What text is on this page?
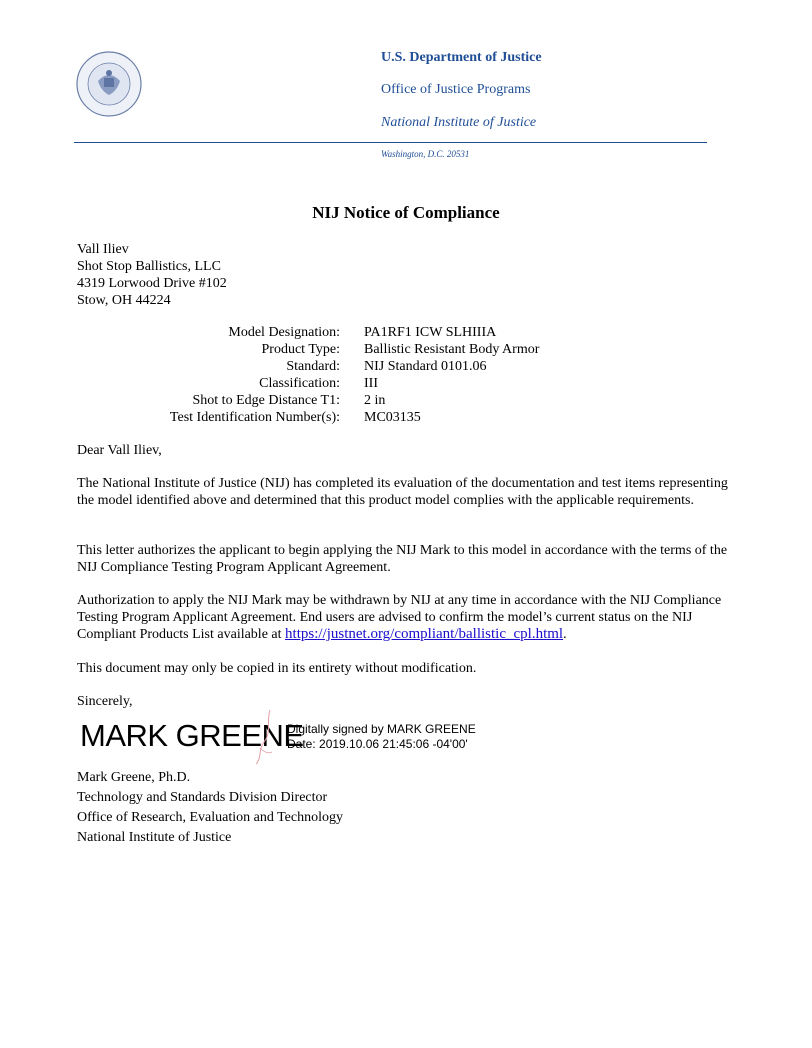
U.S. Department of Justice
Office of Justice Programs
National Institute of Justice
Washington, D.C. 20531
NIJ Notice of Compliance
Vall Iliev
Shot Stop Ballistics, LLC
4319 Lorwood Drive #102
Stow, OH 44224
Model Designation: PA1RF1 ICW SLHIIIA
Product Type: Ballistic Resistant Body Armor
Standard: NIJ Standard 0101.06
Classification: III
Shot to Edge Distance T1: 2 in
Test Identification Number(s): MC03135
Dear Vall Iliev,
The National Institute of Justice (NIJ) has completed its evaluation of the documentation and test items representing the model identified above and determined that this product model complies with the applicable requirements.
This letter authorizes the applicant to begin applying the NIJ Mark to this model in accordance with the terms of the NIJ Compliance Testing Program Applicant Agreement.
Authorization to apply the NIJ Mark may be withdrawn by NIJ at any time in accordance with the NIJ Compliance Testing Program Applicant Agreement. End users are advised to confirm the model’s current status on the NIJ Compliant Products List available at https://justnet.org/compliant/ballistic_cpl.html.
This document may only be copied in its entirety without modification.
Sincerely,
MARK GREENE
Digitally signed by MARK GREENE
Date: 2019.10.06 21:45:06 -04'00'
Mark Greene, Ph.D.
Technology and Standards Division Director
Office of Research, Evaluation and Technology
National Institute of Justice
